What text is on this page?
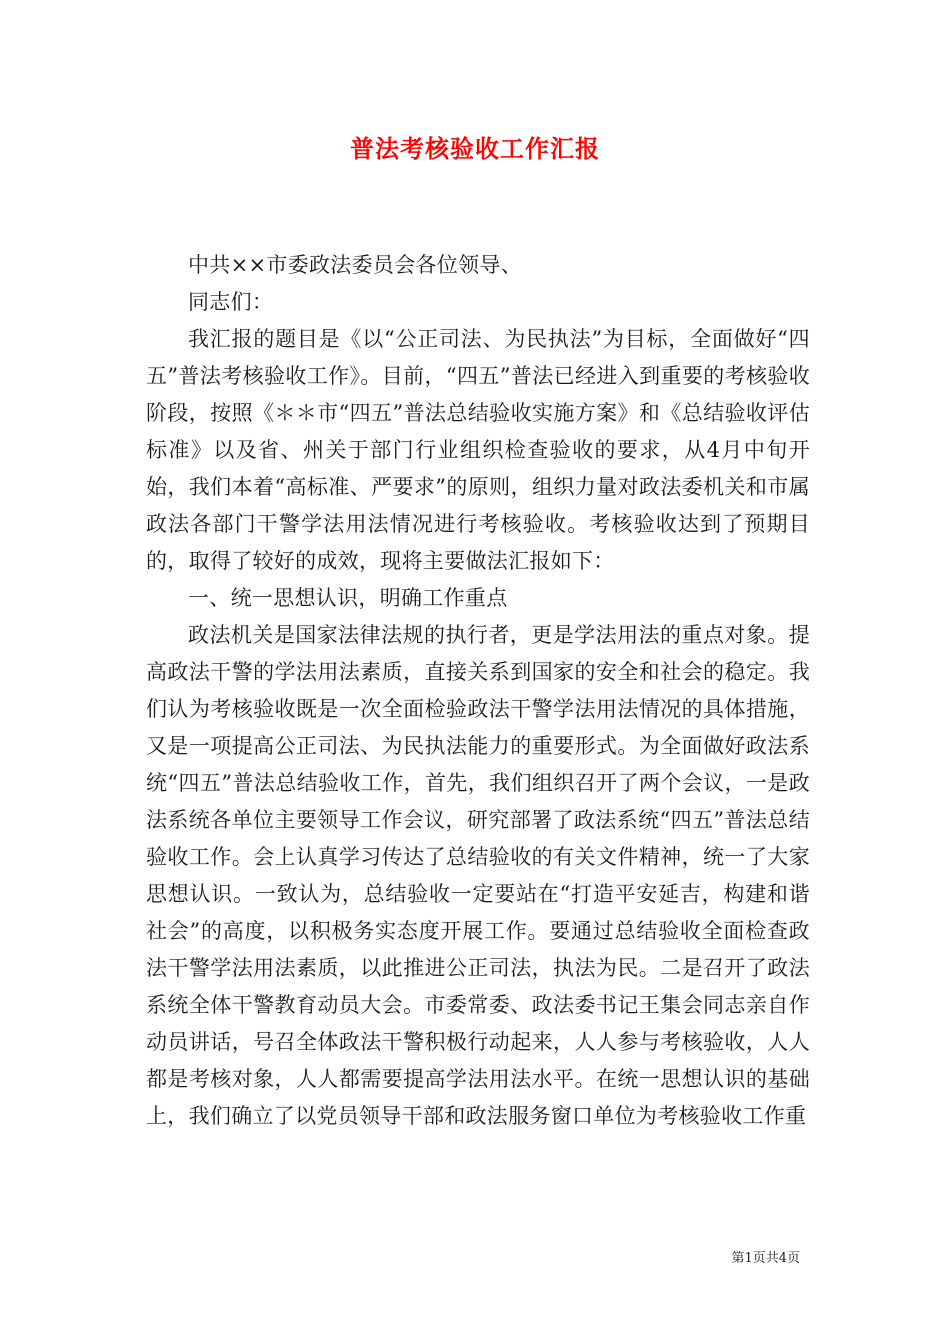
普法考核验收工作汇报

中共××市委政法委员会各位领导、

同志们：

我汇报的题目是《以“公正司法、为民执法”为目标，全面做好“四五”普法考核验收工作》。目前，“四五”普法已经进入到重要的考核验收阶段，按照《＊＊市“四五”普法总结验收实施方案》和《总结验收评估标准》以及省、州关于部门行业组织检查验收的要求，从4月中旬开始，我们本着“高标准、严要求”的原则，组织力量对政法委机关和市属政法各部门干警学法用法情况进行考核验收。考核验收达到了预期目的，取得了较好的成效，现将主要做法汇报如下：

一、统一思想认识，明确工作重点

政法机关是国家法律法规的执行者，更是学法用法的重点对象。提高政法干警的学法用法素质，直接关系到国家的安全和社会的稳定。我们认为考核验收既是一次全面检验政法干警学法用法情况的具体措施，又是一项提高公正司法、为民执法能力的重要形式。为全面做好政法系统“四五”普法总结验收工作，首先，我们组织召开了两个会议，一是政法系统各单位主要领导工作会议，研究部署了政法系统“四五”普法总结验收工作。会上认真学习传达了总结验收的有关文件精神，统一了大家思想认识。一致认为，总结验收一定要站在“打造平安延吉，构建和谐社会”的高度，以积极务实态度开展工作。要通过总结验收全面检查政法干警学法用法素质，以此推进公正司法，执法为民。二是召开了政法系统全体干警教育动员大会。市委常委、政法委书记王集会同志亲自作动员讲话，号召全体政法干警积极行动起来，人人参与考核验收，人人都是考核对象，人人都需要提高学法用法水平。在统一思想认识的基础上，我们确立了以党员领导干部和政法服务窗口单位为考核验收工作重

第1页共4页
